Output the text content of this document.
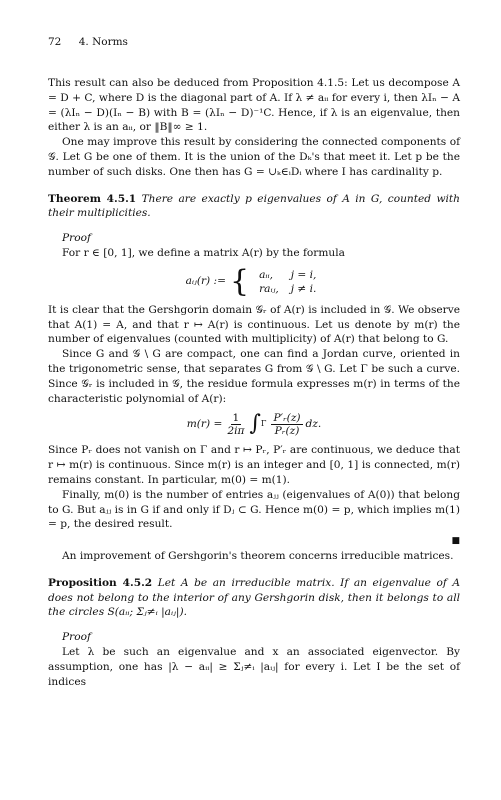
72 4. Norms

This result can also be deduced from Proposition 4.1.5: Let us decompose A = D + C, where D is the diagonal part of A. If λ ≠ aᵢᵢ for every i, then λIₙ − A = (λIₙ − D)(Iₙ − B) with B = (λIₙ − D)⁻¹C. Hence, if λ is an eigenvalue, then either λ is an aᵢᵢ, or ‖B‖∞ ≥ 1.

One may improve this result by considering the connected components of 𝒢. Let G be one of them. It is the union of the Dₖ's that meet it. Let p be the number of such disks. One then has G = ∪ₖ∈ᵢDᵢ where I has cardinality p.

Theorem 4.5.1 There are exactly p eigenvalues of A in G, counted with their multiplicities.

Proof

For r ∈ [0, 1], we define a matrix A(r) by the formula

aᵢⱼ(r) := { aᵢᵢ,	j = i,
raᵢⱼ,	j ≠ i.

It is clear that the Gershgorin domain 𝒢ᵣ of A(r) is included in 𝒢. We observe that A(1) = A, and that r ↦ A(r) is continuous. Let us denote by m(r) the number of eigenvalues (counted with multiplicity) of A(r) that belong to G.

Since G and 𝒢 \ G are compact, one can find a Jordan curve, oriented in the trigonometric sense, that separates G from 𝒢 \ G. Let Γ be such a curve. Since 𝒢ᵣ is included in 𝒢, the residue formula expresses m(r) in terms of the characteristic polynomial of A(r):

$m(r) = \frac{1}{2i\pi}$ ∫ Γ $\frac{\text{P′ᵣ(z)}}{\text{Pᵣ(z)}}$ dz.

Since Pᵣ does not vanish on Γ and r ↦ Pᵣ, P′ᵣ are continuous, we deduce that r ↦ m(r) is continuous. Since m(r) is an integer and [0, 1] is connected, m(r) remains constant. In particular, m(0) = m(1).

Finally, m(0) is the number of entries aⱼⱼ (eigenvalues of A(0)) that belong to G. But aⱼⱼ is in G if and only if Dⱼ ⊂ G. Hence m(0) = p, which implies m(1) = p, the desired result.

■

An improvement of Gershgorin's theorem concerns irreducible matrices.

Proposition 4.5.2 Let A be an irreducible matrix. If an eigenvalue of A does not belong to the interior of any Gershgorin disk, then it belongs to all the circles S(aᵢᵢ; Σⱼ≠ᵢ |aᵢⱼ|).

Proof

Let λ be such an eigenvalue and x an associated eigenvector. By assumption, one has |λ − aᵢᵢ| ≥ Σⱼ≠ᵢ |aᵢⱼ| for every i. Let I be the set of indices
